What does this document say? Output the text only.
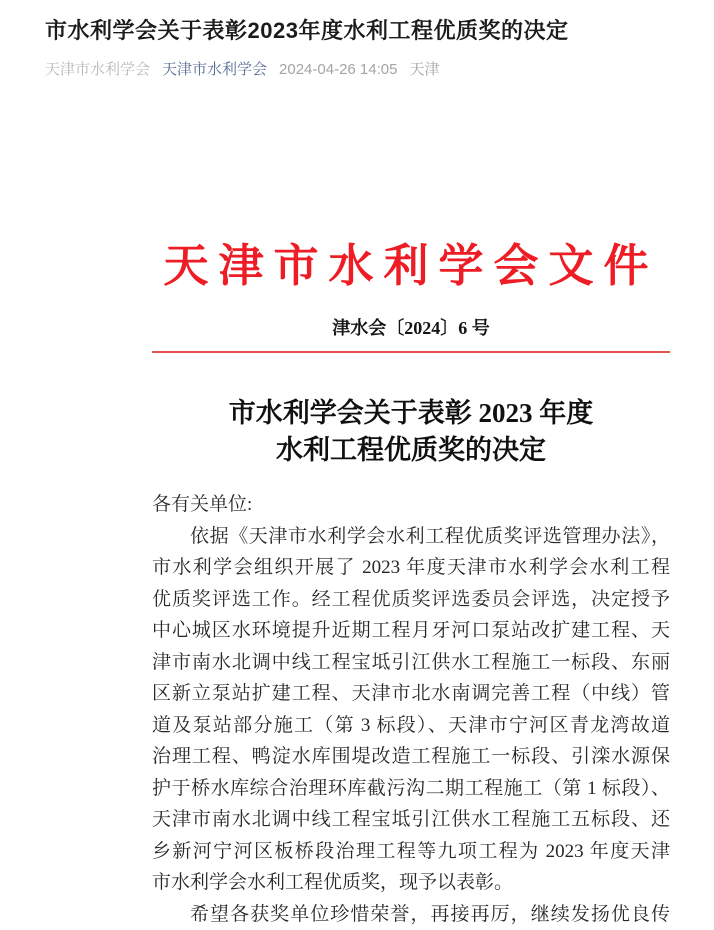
市水利学会关于表彰2023年度水利工程优质奖的决定
天津市水利学会 天津市水利学会 2024-04-26 14:05 天津
天津市水利学会文件
津水会〔2024〕6 号
市水利学会关于表彰 2023 年度
水利工程优质奖的决定
各有关单位:
依据《天津市水利学会水利工程优质奖评选管理办法》，
市水利学会组织开展了 2023 年度天津市水利学会水利工程
优质奖评选工作。经工程优质奖评选委员会评选，决定授予
中心城区水环境提升近期工程月牙河口泵站改扩建工程、天
津市南水北调中线工程宝坻引江供水工程施工一标段、东丽
区新立泵站扩建工程、天津市北水南调完善工程（中线）管
道及泵站部分施工（第 3 标段）、天津市宁河区青龙湾故道
治理工程、鸭淀水库围堤改造工程施工一标段、引滦水源保
护于桥水库综合治理环库截污沟二期工程施工（第 1 标段）、
天津市南水北调中线工程宝坻引江供水工程施工五标段、还
乡新河宁河区板桥段治理工程等九项工程为 2023 年度天津
市水利学会水利工程优质奖，现予以表彰。
希望各获奖单位珍惜荣誉，再接再厉，继续发扬优良传
